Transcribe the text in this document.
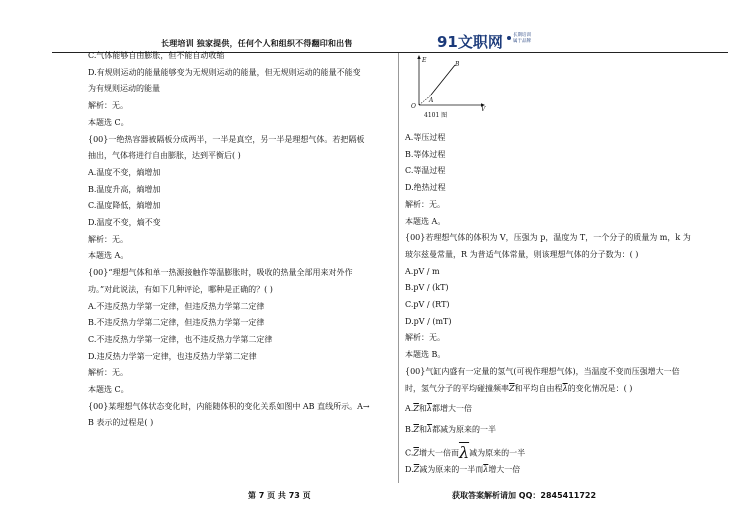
长理培训 独家提供，任何个人和组织不得翻印和出售	91文职网 长期培训
属于品牌
C.气体能够自由膨胀，但不能自动收缩
D.有规则运动的能量能够变为无规则运动的能量，但无规则运动的能量不能变
为有规则运动的能量
解析：无。
本题选 C。
{00}一绝热容器被隔板分成两半，一半是真空，另一半是理想气体。若把隔板
抽出，气体将进行自由膨胀，达到平衡后( )
A.温度不变，熵增加
B.温度升高，熵增加
C.温度降低，熵增加
D.温度不变，熵不变
解析：无。
本题选 A。
{00}“理想气体和单一热源接触作等温膨胀时，吸收的热量全部用来对外作
功。”对此说法，有如下几种评论，哪种是正确的？( )
A.不违反热力学第一定律，但违反热力学第二定律
B.不违反热力学第二定律，但违反热力学第一定律
C.不违反热力学第一定律，也不违反热力学第二定律
D.违反热力学第一定律，也违反热力学第二定律
解析：无。
本题选 C。
{00}某理想气体状态变化时，内能随体积的变化关系如图中 AB 直线所示。A→
B 表示的过程是( )
E
V
O
A
B
4101 图
A.等压过程
B.等体过程
C.等温过程
D.绝热过程
解析：无。
本题选 A。
{00}若理想气体的体积为 V，压强为 p，温度为 T，一个分子的质量为 m，k 为
玻尔兹曼常量，R 为普适气体常量，则该理想气体的分子数为：( )
A.pV / m
B.pV / (kT)
C.pV / (RT)
D.pV / (mT)
解析：无。
本题选 B。
{00}气缸内盛有一定量的氢气(可视作理想气体)，当温度不变而压强增大一倍
时，氢气分子的平均碰撞频率$\overline{Z}$和平均自由程$\overline{\lambda}$的变化情况是：( )
$A.\overline{Z}$和$\overline{\lambda}$都增大一倍
$B.\overline{Z}$和$\overline{\lambda}$都减为原来的一半
$C.\overline{Z}$增大一倍而$\overline{\lambda}$减为原来的一半
$D.\overline{Z}$减为原来的一半而$\overline{\lambda}$增大一倍
第 7 页 共 73 页	获取答案解析请加 QQ：2845411722
